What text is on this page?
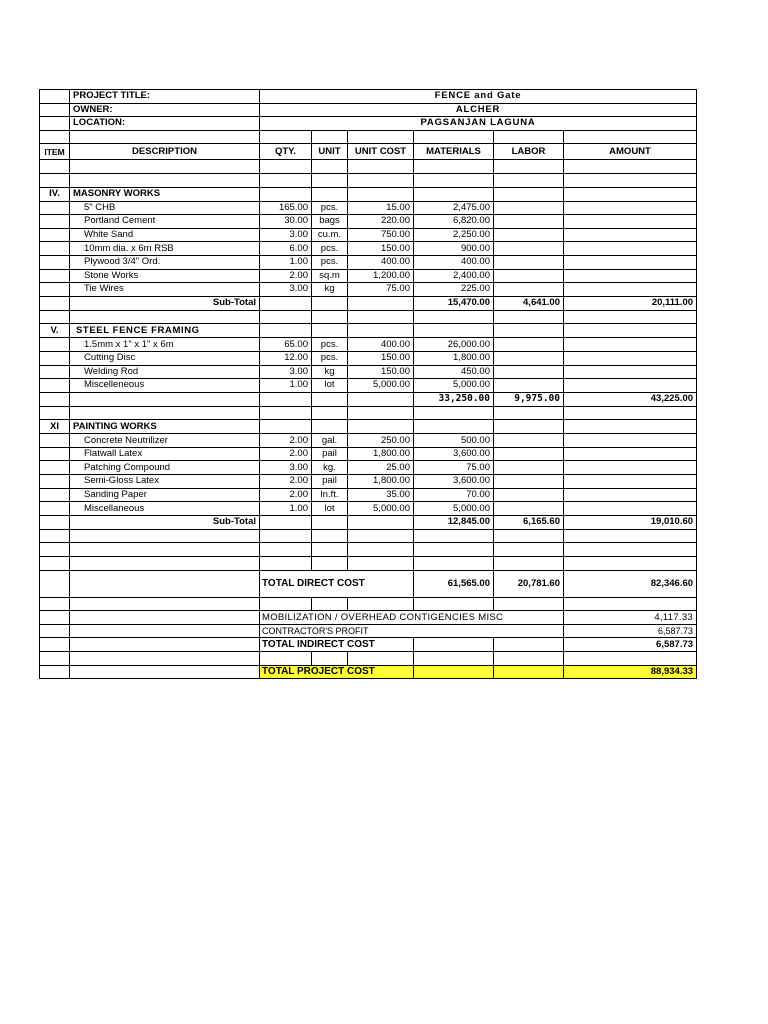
	PROJECT TITLE:	FENCE and Gate					
	OWNER:	ALCHER					
	LOCATION:	PAGSANJAN LAGUNA					

ITEM	DESCRIPTION	QTY.	UNIT	UNIT COST	MATERIALS	LABOR	AMOUNT

IV.	MASONRY WORKS						
	5" CHB	165.00	pcs.	15.00	2,475.00		
	Portland Cement	30.00	bags	220.00	6,820.00		
	White Sand	3.00	cu.m.	750.00	2,250.00		
	10mm dia. x 6m RSB	6.00	pcs.	150.00	900.00		
	Plywood 3/4" Ord.	1.00	pcs.	400.00	400.00		
	Stone Works	2.00	sq.m	1,200.00	2,400.00		
	Tie Wires	3.00	kg	75.00	225.00		
	Sub-Total				15,470.00	4,641.00	20,111.00

V.	STEEL FENCE FRAMING						
	1.5mm x 1" x 1" x 6m	65.00	pcs.	400.00	26,000.00		
	Cutting Disc	12.00	pcs.	150.00	1,800.00		
	Welding Rod	3.00	kg	150.00	450.00		
	Miscelleneous	1.00	lot	5,000.00	5,000.00		
					33,250.00	9,975.00	43,225.00

XI	PAINTING WORKS						
	Concrete Neutrilizer	2.00	gal.	250.00	500.00		
	Flatwall Latex	2.00	pail	1,800.00	3,600.00		
	Patching Compound	3.00	kg.	25.00	75.00		
	Semi-Gloss Latex	2.00	pail	1,800.00	3,600.00		
	Sanding Paper	2.00	ln.ft.	35.00	70.00		
	Miscellaneous	1.00	lot	5,000.00	5,000.00		
	Sub-Total				12,845.00	6,165.60	19,010.60

		TOTAL DIRECT COST			61,565.00	20,781.60	82,346.60

		MOBILIZATION / OVERHEAD CONTIGENCIES MISC					4,117.33
		CONTRACTOR'S PROFIT					6,587.73
		TOTAL INDIRECT COST					6,587.73

		TOTAL PROJECT COST					88,934.33
